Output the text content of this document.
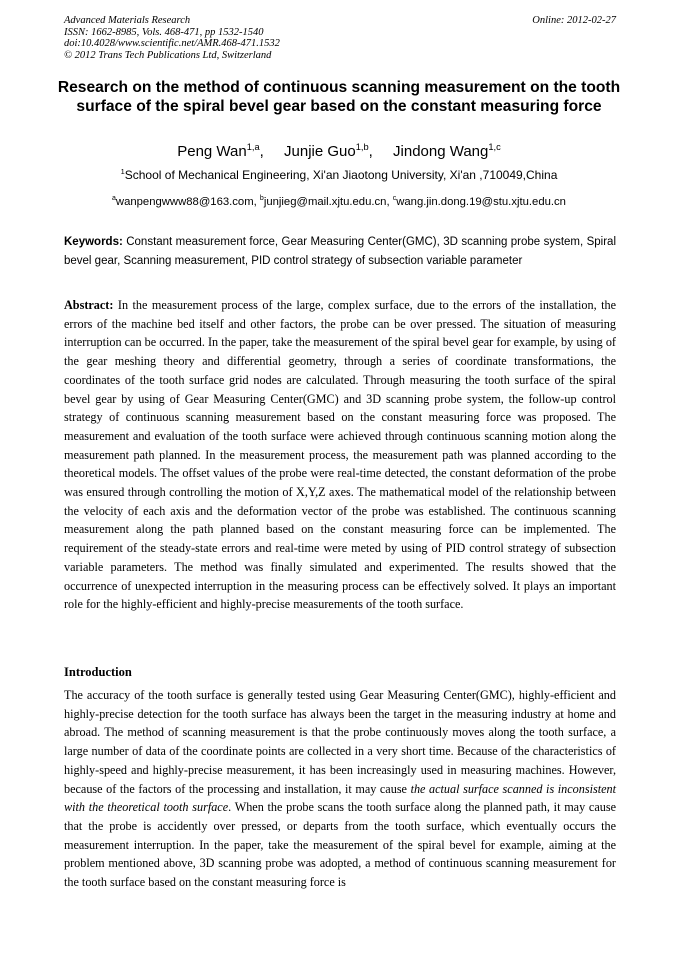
Advanced Materials Research	Online: 2012-02-27
ISSN: 1662-8985, Vols. 468-471, pp 1532-1540
doi:10.4028/www.scientific.net/AMR.468-471.1532
© 2012 Trans Tech Publications Ltd, Switzerland
Research on the method of continuous scanning measurement on the tooth surface of the spiral bevel gear based on the constant measuring force
Peng Wan$^{1,a}$, Junjie Guo$^{1,b}$, Jindong Wang$^{1,c}$
$^1$School of Mechanical Engineering, Xi'an Jiaotong University, Xi'an ,710049,China
$^a$wanpengwww88@163.com, $^b$junjieg@mail.xjtu.edu.cn, $^c$wang.jin.dong.19@stu.xjtu.edu.cn
Keywords: Constant measurement force, Gear Measuring Center(GMC), 3D scanning probe system, Spiral bevel gear, Scanning measurement, PID control strategy of subsection variable parameter
Abstract: In the measurement process of the large, complex surface, due to the errors of the installation, the errors of the machine bed itself and other factors, the probe can be over pressed. The situation of measuring interruption can be occurred. In the paper, take the measurement of the spiral bevel gear for example, by using of the gear meshing theory and differential geometry, through a series of coordinate transformations, the coordinates of the tooth surface grid nodes are calculated. Through measuring the tooth surface of the spiral bevel gear by using of Gear Measuring Center(GMC) and 3D scanning probe system, the follow-up control strategy of continuous scanning measurement based on the constant measuring force was proposed. The measurement and evaluation of the tooth surface were achieved through continuous scanning motion along the measurement path planned. In the measurement process, the measurement path was planned according to the theoretical models. The offset values of the probe were real-time detected, the constant deformation of the probe was ensured through controlling the motion of X,Y,Z axes. The mathematical model of the relationship between the velocity of each axis and the deformation vector of the probe was established. The continuous scanning measurement along the path planned based on the constant measuring force can be implemented. The requirement of the steady-state errors and real-time were meted by using of PID control strategy of subsection variable parameters. The method was finally simulated and experimented. The results showed that the occurrence of unexpected interruption in the measuring process can be effectively solved. It plays an important role for the highly-efficient and highly-precise measurements of the tooth surface.
Introduction
The accuracy of the tooth surface is generally tested using Gear Measuring Center(GMC), highly-efficient and highly-precise detection for the tooth surface has always been the target in the measuring industry at home and abroad. The method of scanning measurement is that the probe continuously moves along the tooth surface, a large number of data of the coordinate points are collected in a very short time. Because of the characteristics of highly-speed and highly-precise measurement, it has been increasingly used in measuring machines. However, because of the factors of the processing and installation, it may cause the actual surface scanned is inconsistent with the theoretical tooth surface. When the probe scans the tooth surface along the planned path, it may cause that the probe is accidently over pressed, or departs from the tooth surface, which eventually occurs the measurement interruption. In the paper, take the measurement of the spiral bevel for example, aiming at the problem mentioned above, 3D scanning probe was adopted, a method of continuous scanning measurement for the tooth surface based on the constant measuring force is
